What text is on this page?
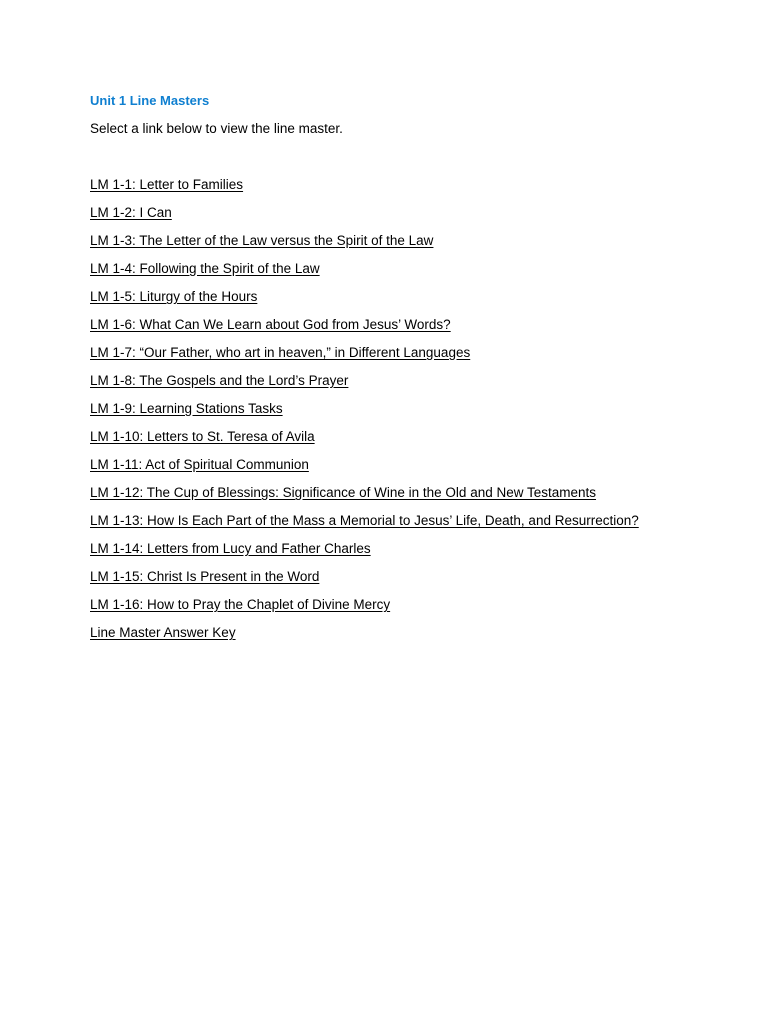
Unit 1 Line Masters

Select a link below to view the line master.

LM 1-1: Letter to Families
LM 1-2: I Can
LM 1-3: The Letter of the Law versus the Spirit of the Law
LM 1-4: Following the Spirit of the Law
LM 1-5: Liturgy of the Hours
LM 1-6: What Can We Learn about God from Jesus’ Words?
LM 1-7: “Our Father, who art in heaven,” in Different Languages
LM 1-8: The Gospels and the Lord’s Prayer
LM 1-9: Learning Stations Tasks
LM 1-10: Letters to St. Teresa of Avila
LM 1-11: Act of Spiritual Communion
LM 1-12: The Cup of Blessings: Significance of Wine in the Old and New Testaments
LM 1-13: How Is Each Part of the Mass a Memorial to Jesus’ Life, Death, and Resurrection?
LM 1-14: Letters from Lucy and Father Charles
LM 1-15: Christ Is Present in the Word
LM 1-16: How to Pray the Chaplet of Divine Mercy
Line Master Answer Key
